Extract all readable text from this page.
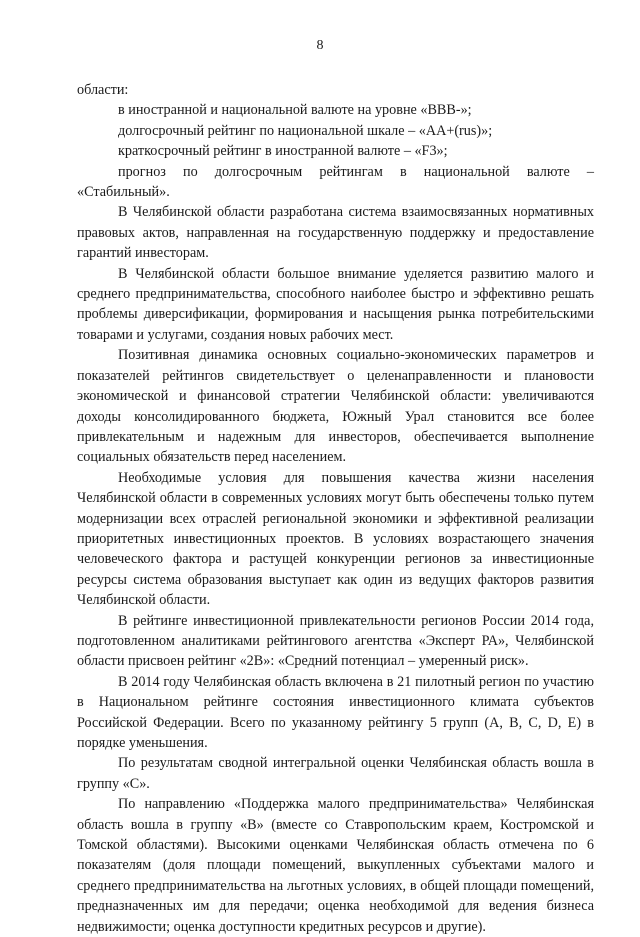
8

области:

в иностранной и национальной валюте на уровне «BBB-»;

долгосрочный рейтинг по национальной шкале – «AA+(rus)»;

краткосрочный рейтинг в иностранной валюте – «F3»;

прогноз по долгосрочным рейтингам в национальной валюте – «Стабильный».

В Челябинской области разработана система взаимосвязанных нормативных правовых актов, направленная на государственную поддержку и предоставление гарантий инвесторам.

В Челябинской области большое внимание уделяется развитию малого и среднего предпринимательства, способного наиболее быстро и эффективно решать проблемы диверсификации, формирования и насыщения рынка потребительскими товарами и услугами, создания новых рабочих мест.

Позитивная динамика основных социально-экономических параметров и показателей рейтингов свидетельствует о целенаправленности и плановости экономической и финансовой стратегии Челябинской области: увеличиваются доходы консолидированного бюджета, Южный Урал становится все более привлекательным и надежным для инвесторов, обеспечивается выполнение социальных обязательств перед населением.

Необходимые условия для повышения качества жизни населения Челябинской области в современных условиях могут быть обеспечены только путем модернизации всех отраслей региональной экономики и эффективной реализации приоритетных инвестиционных проектов. В условиях возрастающего значения человеческого фактора и растущей конкуренции регионов за инвестиционные ресурсы система образования выступает как один из ведущих факторов развития Челябинской области.

В рейтинге инвестиционной привлекательности регионов России 2014 года, подготовленном аналитиками рейтингового агентства «Эксперт РА», Челябинской области присвоен рейтинг «2В»: «Средний потенциал – умеренный риск».

В 2014 году Челябинская область включена в 21 пилотный регион по участию в Национальном рейтинге состояния инвестиционного климата субъектов Российской Федерации. Всего по указанному рейтингу 5 групп (A, B, C, D, E) в порядке уменьшения.

По результатам сводной интегральной оценки Челябинская область вошла в группу «С».

По направлению «Поддержка малого предпринимательства» Челябинская область вошла в группу «В» (вместе со Ставропольским краем, Костромской и Томской областями). Высокими оценками Челябинская область отмечена по 6 показателям (доля площади помещений, выкупленных субъектами малого и среднего предпринимательства на льготных условиях, в общей площади помещений, предназначенных им для передачи; оценка необходимой для ведения бизнеса недвижимости; оценка доступности кредитных ресурсов и другие).
